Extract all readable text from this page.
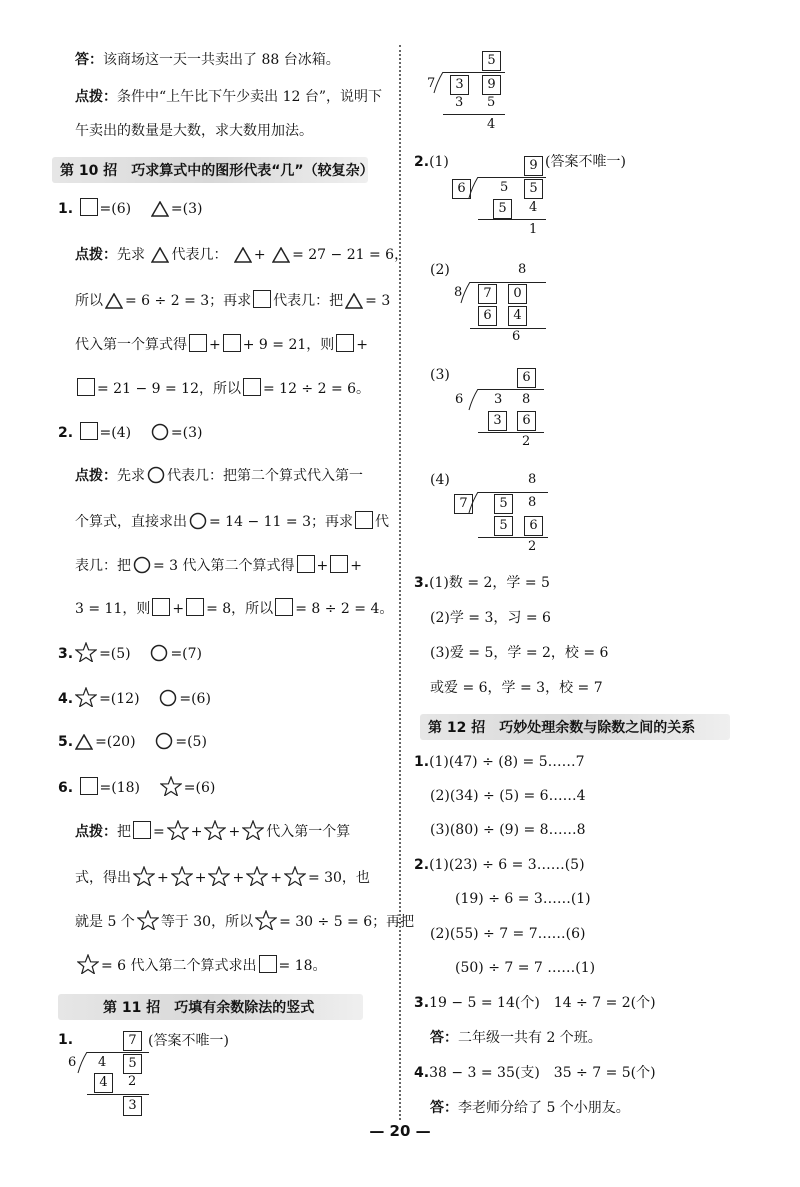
答：该商场这一天一共卖出了 88 台冰箱。
点拨：条件中“上午比下午少卖出 12 台”，说明下
午卖出的数量是大数，求大数用加法。
第 10 招　巧求算式中的图形代表“几”（较复杂）
1. =(6)	=(3)
点拨：先求 代表几： + = 27 − 21 = 6，
所以 = 6 ÷ 2 = 3；再求 代表几：把 = 3
代入第一个算式得 + + 9 = 21，则 +
= 21 − 9 = 12，所以 = 12 ÷ 2 = 6。
2. =(4)	=(3)
点拨：先求 代表几：把第二个算式代入第一
个算式，直接求出 = 14 − 11 = 3；再求 代
表几：把 = 3 代入第二个算式得 + +
3 = 11，则 + = 8，所以 = 8 ÷ 2 = 4。
3. =(5)	=(7)
4. =(12)	=(6)
5. =(20)	=(5)
6. =(18)	=(6)
点拨：把 = + + 代入第一个算
式，得出 + + + + = 30，也
就是 5 个 等于 30，所以 = 30 ÷ 5 = 6；再把
= 6 代入第二个算式求出 = 18。
第 11 招　巧填有余数除法的竖式
1.	(答案不唯一)
7
6 4	5
4	2
3
5
7	3	9
3 5
4
2.(1)	(答案不唯一)
9
6	5	5
5	4
1
(2)	8
8	7	0
6	4
6
(3)	6
6 3 8
3	6
2
(4)	8
7	5	8
5	6
2
3.(1)数 = 2，学 = 5
(2)学 = 3，习 = 6
(3)爱 = 5，学 = 2，校 = 6
或爱 = 6，学 = 3，校 = 7
第 12 招　巧妙处理余数与除数之间的关系
1.(1)(47) ÷ (8) = 5……7
(2)(34) ÷ (5) = 6……4
(3)(80) ÷ (9) = 8……8
2.(1)(23) ÷ 6 = 3……(5)
(19) ÷ 6 = 3……(1)
(2)(55) ÷ 7 = 7……(6)
(50) ÷ 7 = 7 ……(1)
3.19 − 5 = 14(个)　14 ÷ 7 = 2(个)
答：二年级一共有 2 个班。
4.38 − 3 = 35(支)　35 ÷ 7 = 5(个)
答：李老师分给了 5 个小朋友。
— 20 —
